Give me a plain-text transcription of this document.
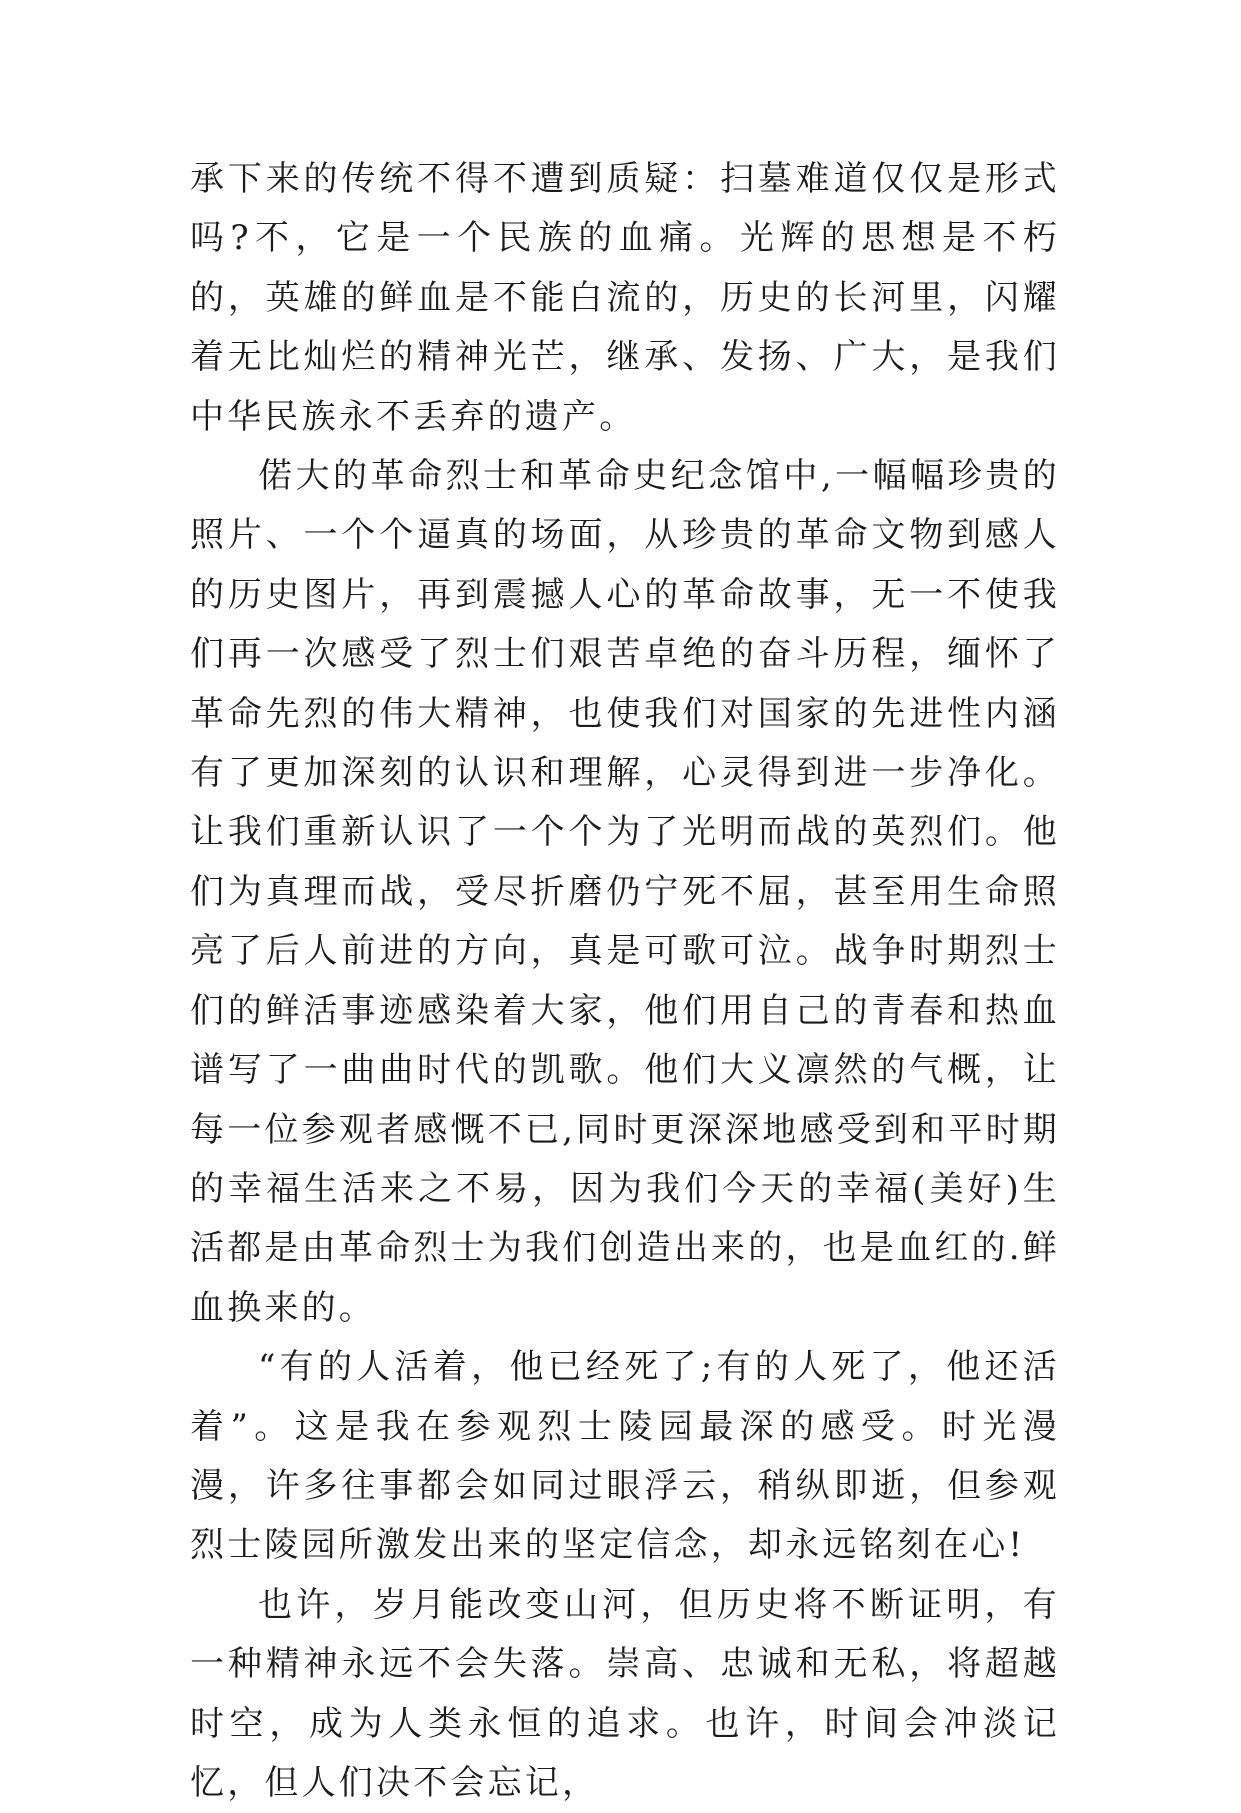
承下来的传统不得不遭到质疑：扫墓难道仅仅是形式吗?不，它是一个民族的血痛。光辉的思想是不朽的，英雄的鲜血是不能白流的，历史的长河里，闪耀着无比灿烂的精神光芒，继承、发扬、广大，是我们中华民族永不丢弃的遗产。

偌大的革命烈士和革命史纪念馆中,一幅幅珍贵的照片、一个个逼真的场面，从珍贵的革命文物到感人的历史图片，再到震撼人心的革命故事，无一不使我们再一次感受了烈士们艰苦卓绝的奋斗历程，缅怀了革命先烈的伟大精神，也使我们对国家的先进性内涵有了更加深刻的认识和理解，心灵得到进一步净化。让我们重新认识了一个个为了光明而战的英烈们。他们为真理而战，受尽折磨仍宁死不屈，甚至用生命照亮了后人前进的方向，真是可歌可泣。战争时期烈士们的鲜活事迹感染着大家，他们用自己的青春和热血谱写了一曲曲时代的凯歌。他们大义凛然的气概，让每一位参观者感慨不已,同时更深深地感受到和平时期的幸福生活来之不易，因为我们今天的幸福(美好)生活都是由革命烈士为我们创造出来的，也是血红的.鲜血换来的。

“有的人活着，他已经死了;有的人死了，他还活着”。这是我在参观烈士陵园最深的感受。时光漫漫，许多往事都会如同过眼浮云，稍纵即逝，但参观烈士陵园所激发出来的坚定信念，却永远铭刻在心!

也许，岁月能改变山河，但历史将不断证明，有一种精神永远不会失落。崇高、忠诚和无私，将超越时空，成为人类永恒的追求。也许，时间会冲淡记忆，但人们决不会忘记，
